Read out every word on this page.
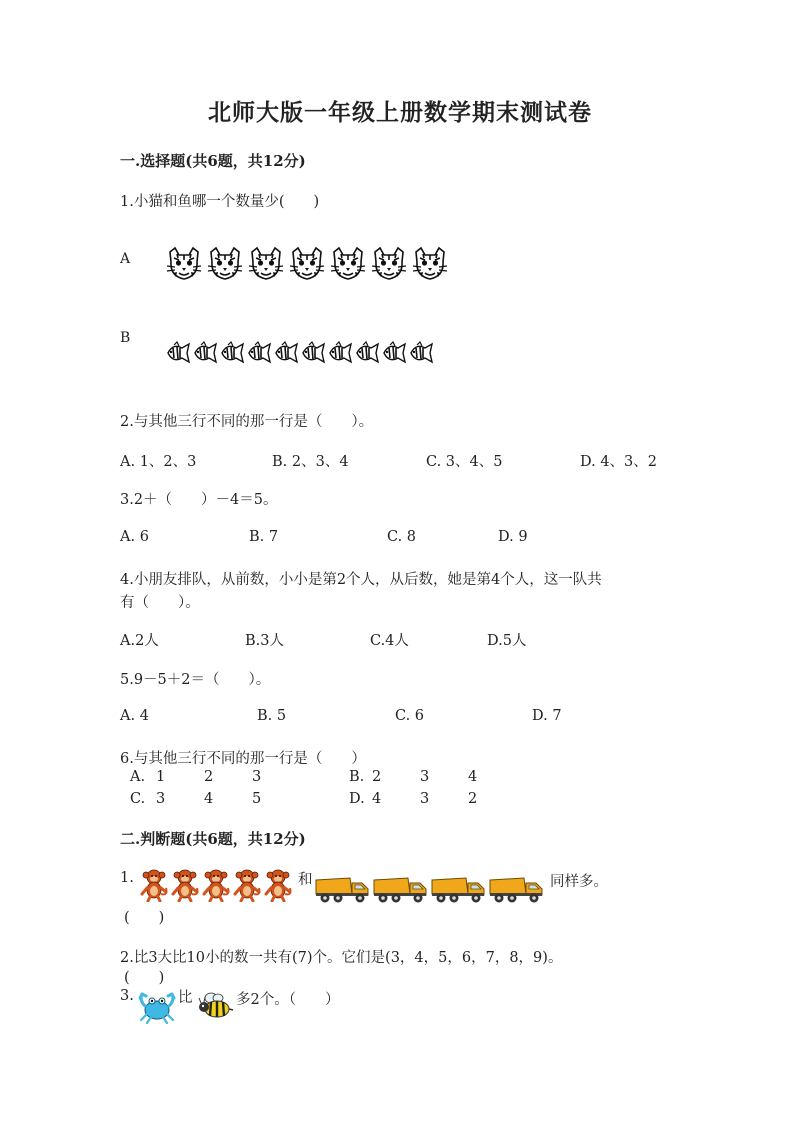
北师大版一年级上册数学期末测试卷
一.选择题(共6题，共12分)
1.小猫和鱼哪一个数量少(　　)
A
B
2.与其他三行不同的那一行是（　　）。
A. 1、2、3	B. 2、3、4	C. 3、4、5	D. 4、3、2
3.2＋（　　）－4＝5。
A. 6	B. 7	C. 8	D. 9
4.小朋友排队，从前数，小小是第2个人，从后数，她是第4个人，这一队共
有（　　）。
A.2人	B.3人	C.4人	D.5人
5.9－5＋2＝（　　）。
A. 4	B. 5	C. 6	D. 7
6.与其他三行不同的那一行是（　　）
A. 1	2	3	B. 2	3	4
C. 3	4	5	D. 4	3	2
二.判断题(共6题，共12分)
1.	和	同样多。
(　　)
2.比3大比10小的数一共有(7)个。它们是(3，4，5，6，7，8，9)。
(　　)
3.	比	多2个。（　　）
